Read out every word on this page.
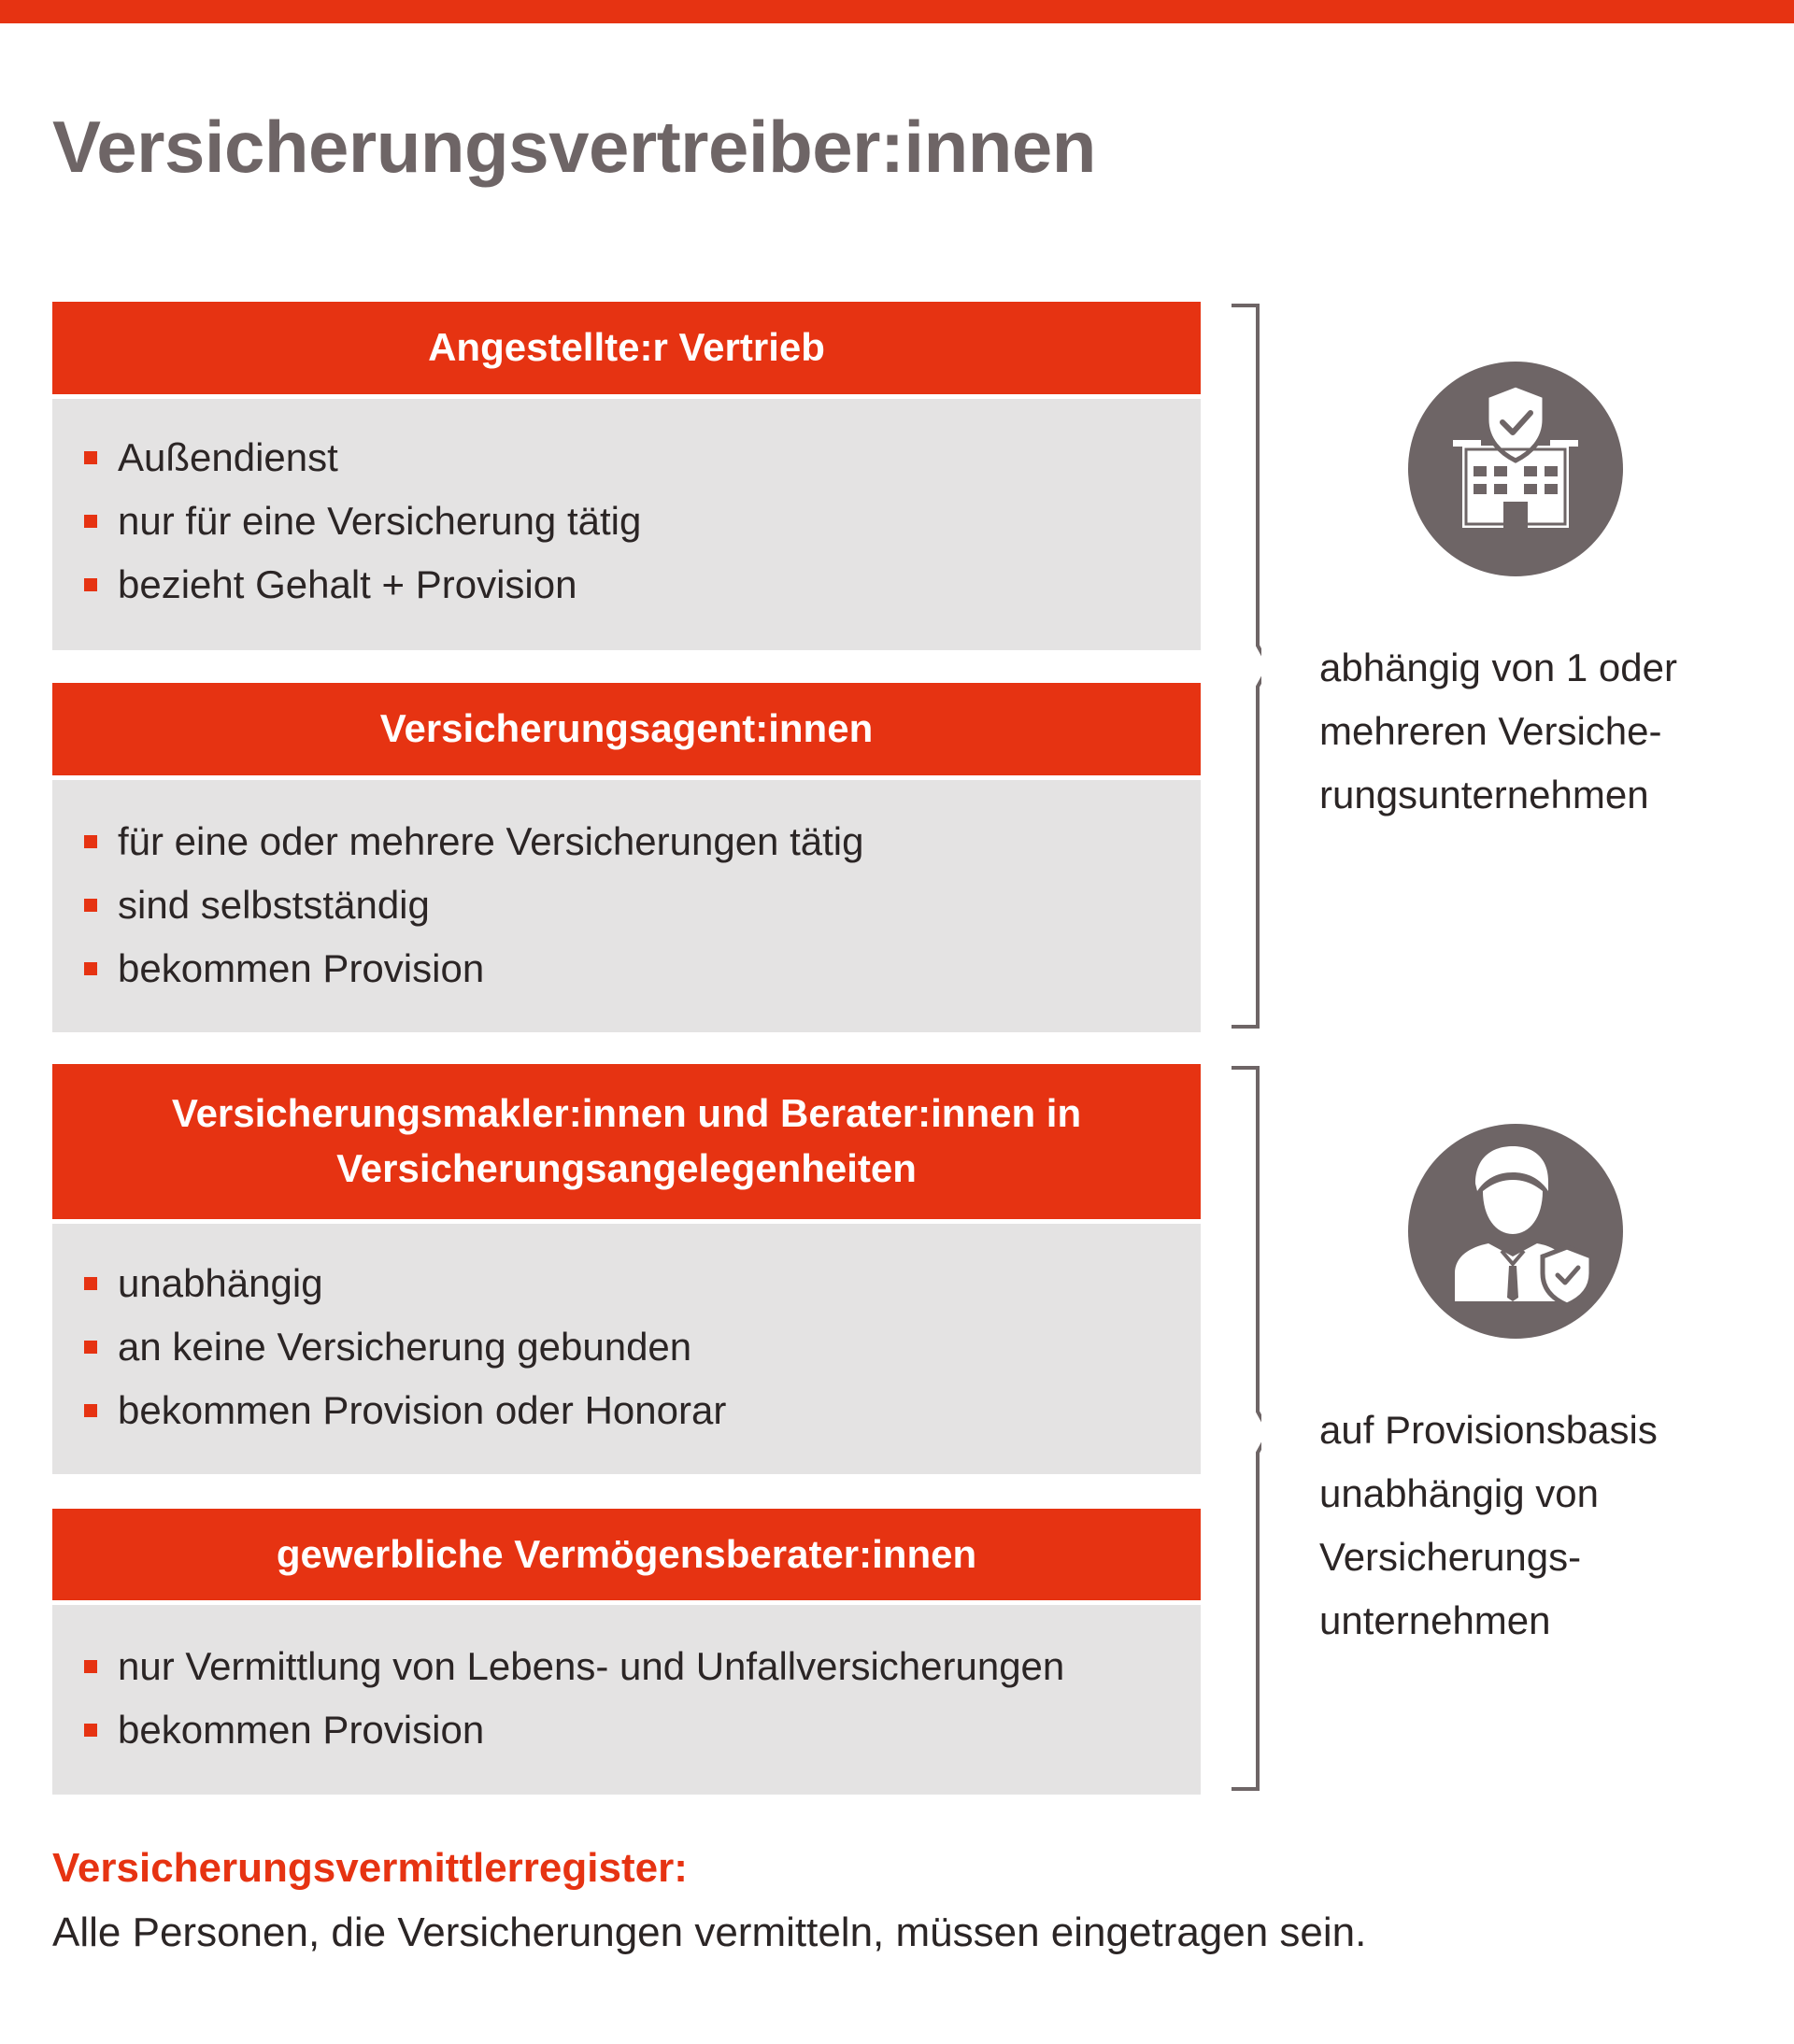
Versicherungsvertreiber:innen
Angestellte:r Vertrieb
Außendienst
nur für eine Versicherung tätig
bezieht Gehalt + Provision
Versicherungsagent:innen
für eine oder mehrere Versicherungen tätig
sind selbstständig
bekommen Provision
Versicherungsmakler:innen und Berater:innen in Versicherungsangelegenheiten
unabhängig
an keine Versicherung gebunden
bekommen Provision oder Honorar
gewerbliche Vermögensberater:innen
nur Vermittlung von Lebens- und Unfallversicherungen
bekommen Provision
abhängig von 1 oder
mehreren Versiche-
rungsunternehmen
auf Provisionsbasis
unabhängig von
Versicherungs-
unternehmen

Versicherungsvermittlerregister:

Alle Personen, die Versicherungen vermitteln, müssen eingetragen sein.
